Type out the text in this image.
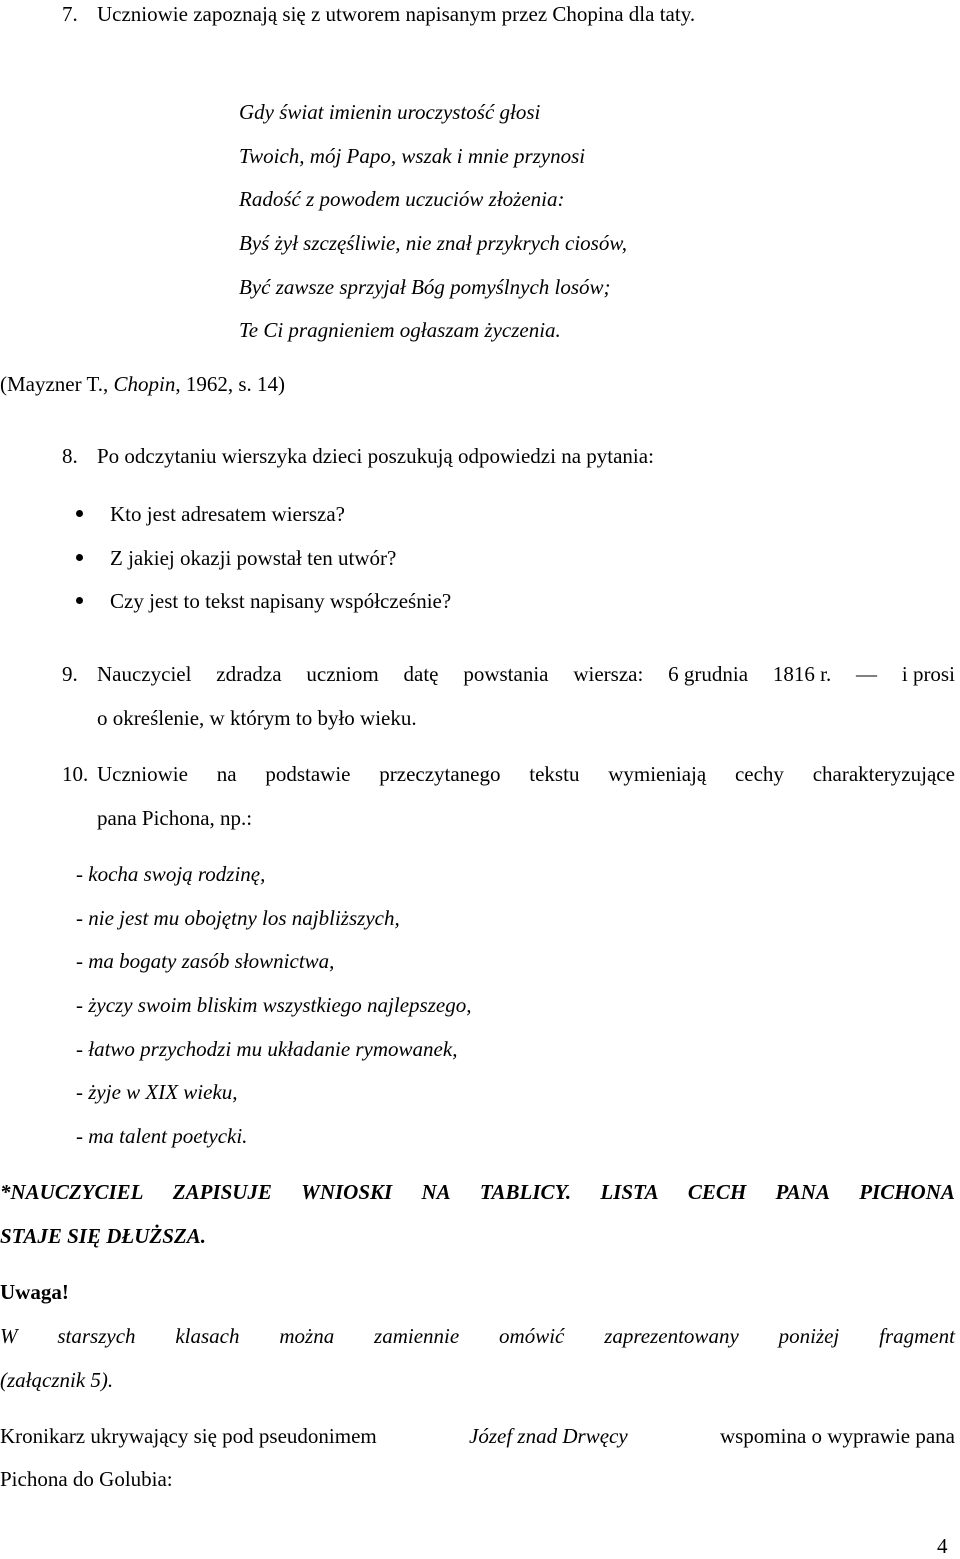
7. Uczniowie zapoznają się z utworem napisanym przez Chopina dla taty.
Gdy świat imienin uroczystość głosi
Twoich, mój Papo, wszak i mnie przynosi
Radość z powodem uczuciów złożenia:
Byś żył szczęśliwie, nie znał przykrych ciosów,
Być zawsze sprzyjał Bóg pomyślnych losów;
Te Ci pragnieniem ogłaszam życzenia.
(Mayzner T., Chopin, 1962, s. 14)
8. Po odczytaniu wierszyka dzieci poszukują odpowiedzi na pytania:
Kto jest adresatem wiersza?
Z jakiej okazji powstał ten utwór?
Czy jest to tekst napisany współcześnie?
9. Nauczyciel zdradza uczniom datę powstania wiersza: 6 grudnia 1816 r. — i prosi
o określenie, w którym to było wieku.
10. Uczniowie na podstawie przeczytanego tekstu wymieniają cechy charakteryzujące
pana Pichona, np.:
- kocha swoją rodzinę,
- nie jest mu obojętny los najbliższych,
- ma bogaty zasób słownictwa,
- życzy swoim bliskim wszystkiego najlepszego,
- łatwo przychodzi mu układanie rymowanek,
- żyje w XIX wieku,
- ma talent poetycki.
*NAUCZYCIEL ZAPISUJE WNIOSKI NA TABLICY. LISTA CECH PANA PICHONA
STAJE SIĘ DŁUŻSZA.
Uwaga!
W starszych klasach można zamiennie omówić zaprezentowany poniżej fragment
(załącznik 5).
Kronikarz ukrywający się pod pseudonimem	Józef znad Drwęcy	wspomina o wyprawie pana
Pichona do Golubia:
4
